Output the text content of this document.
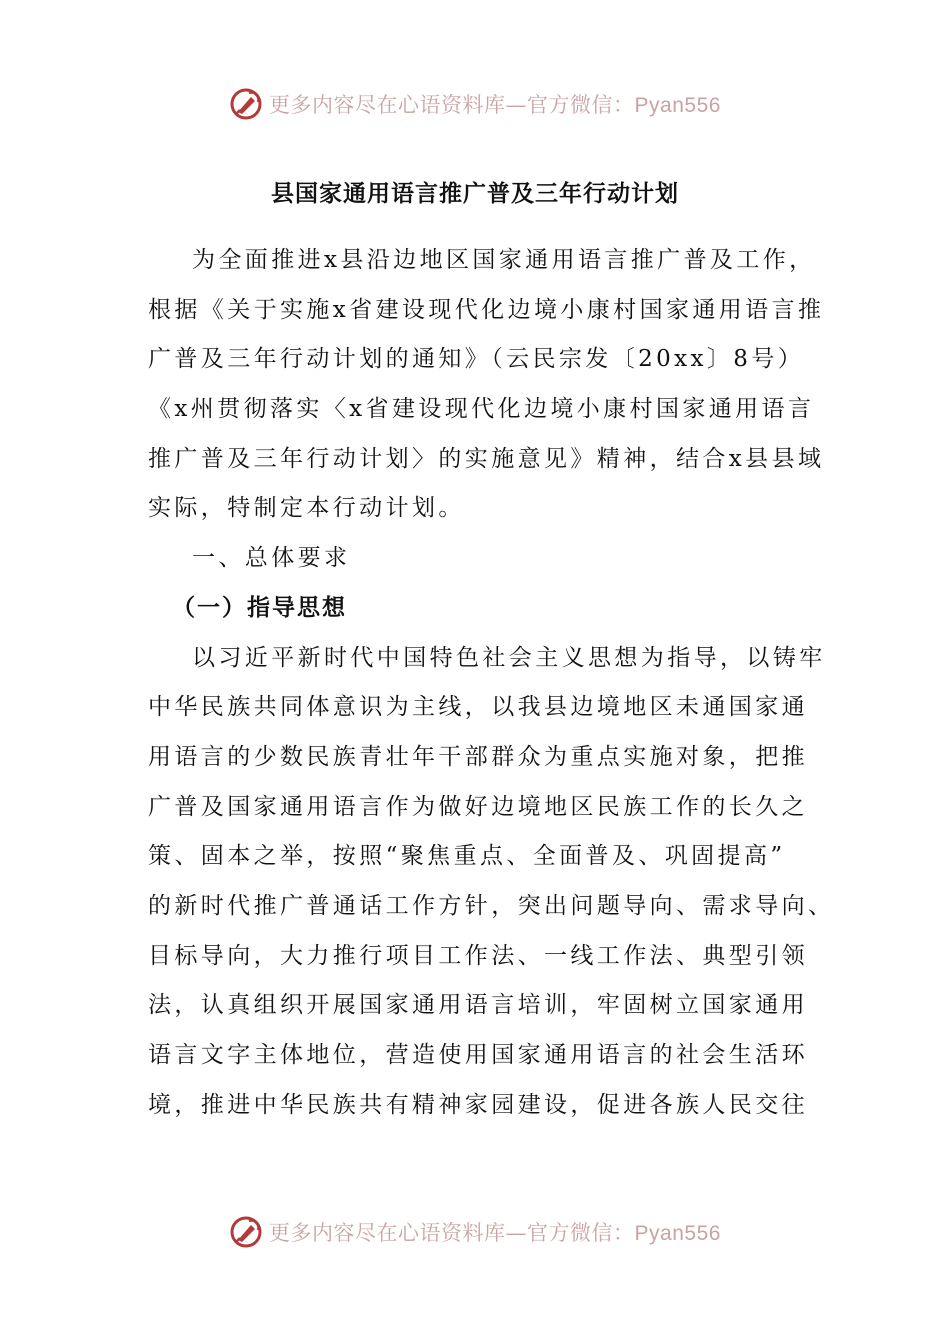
更多内容尽在心语资料库—官方微信：Pyan556
县国家通用语言推广普及三年行动计划
为全面推进x县沿边地区国家通用语言推广普及工作，
根据《关于实施x省建设现代化边境小康村国家通用语言推
广普及三年行动计划的通知》（云民宗发〔20xx〕8号）
《x州贯彻落实〈x省建设现代化边境小康村国家通用语言
推广普及三年行动计划〉的实施意见》精神，结合x县县域
实际，特制定本行动计划。
一、总体要求
（一）指导思想
以习近平新时代中国特色社会主义思想为指导，以铸牢
中华民族共同体意识为主线，以我县边境地区未通国家通
用语言的少数民族青壮年干部群众为重点实施对象，把推
广普及国家通用语言作为做好边境地区民族工作的长久之
策、固本之举，按照“聚焦重点、全面普及、巩固提高”
的新时代推广普通话工作方针，突出问题导向、需求导向、
目标导向，大力推行项目工作法、一线工作法、典型引领
法，认真组织开展国家通用语言培训，牢固树立国家通用
语言文字主体地位，营造使用国家通用语言的社会生活环
境，推进中华民族共有精神家园建设，促进各族人民交往
更多内容尽在心语资料库—官方微信：Pyan556
